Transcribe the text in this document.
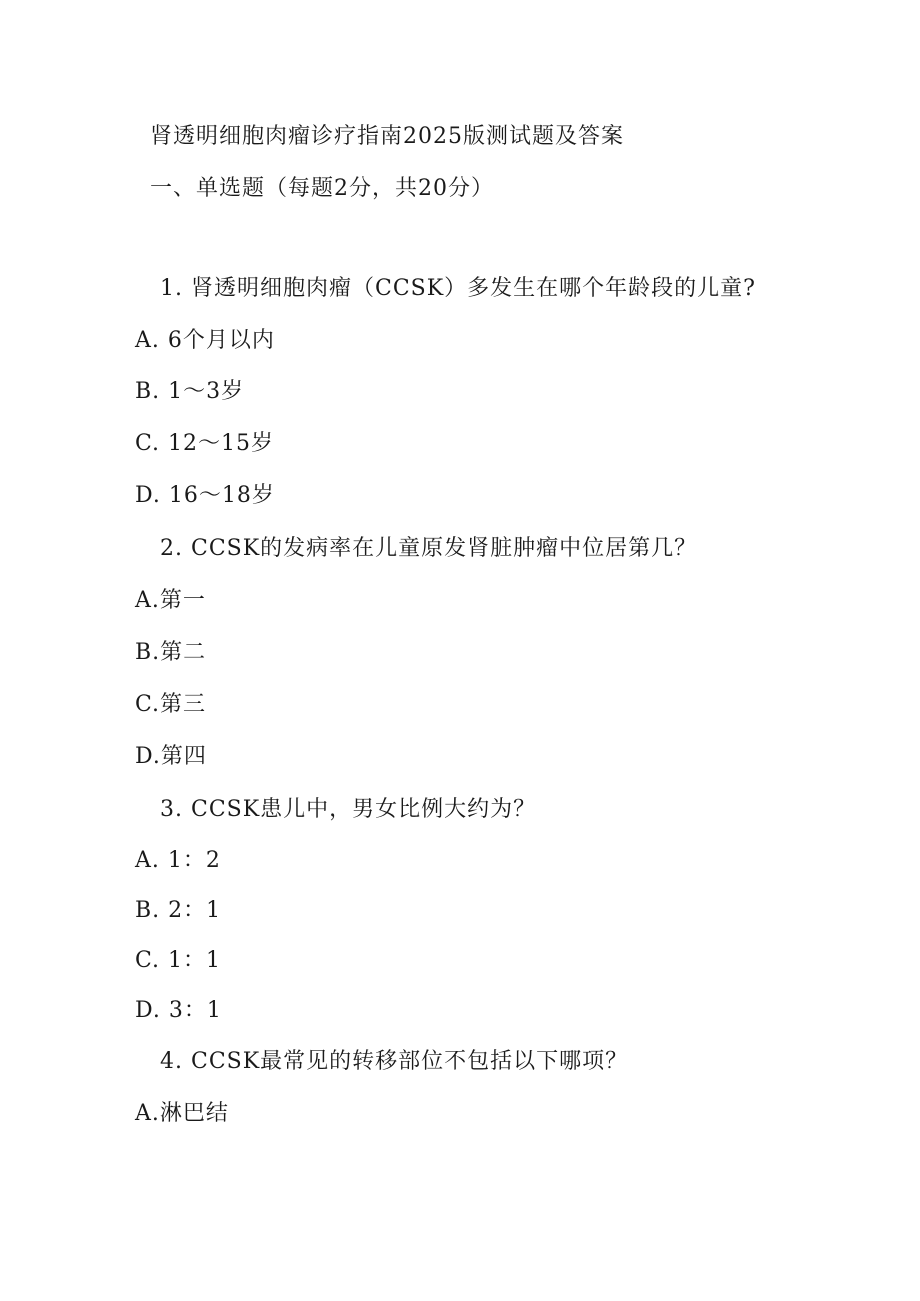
肾透明细胞肉瘤诊疗指南2025版测试题及答案
一、单选题（每题2分，共20分）
1. 肾透明细胞肉瘤（CCSK）多发生在哪个年龄段的儿童?
A. 6个月以内
B. 1～3岁
C. 12～15岁
D. 16～18岁
2. CCSK的发病率在儿童原发肾脏肿瘤中位居第几？
A.第一
B.第二
C.第三
D.第四
3. CCSK患儿中，男女比例大约为？
A. 1：2
B. 2：1
C. 1：1
D. 3：1
4. CCSK最常见的转移部位不包括以下哪项？
A.淋巴结
